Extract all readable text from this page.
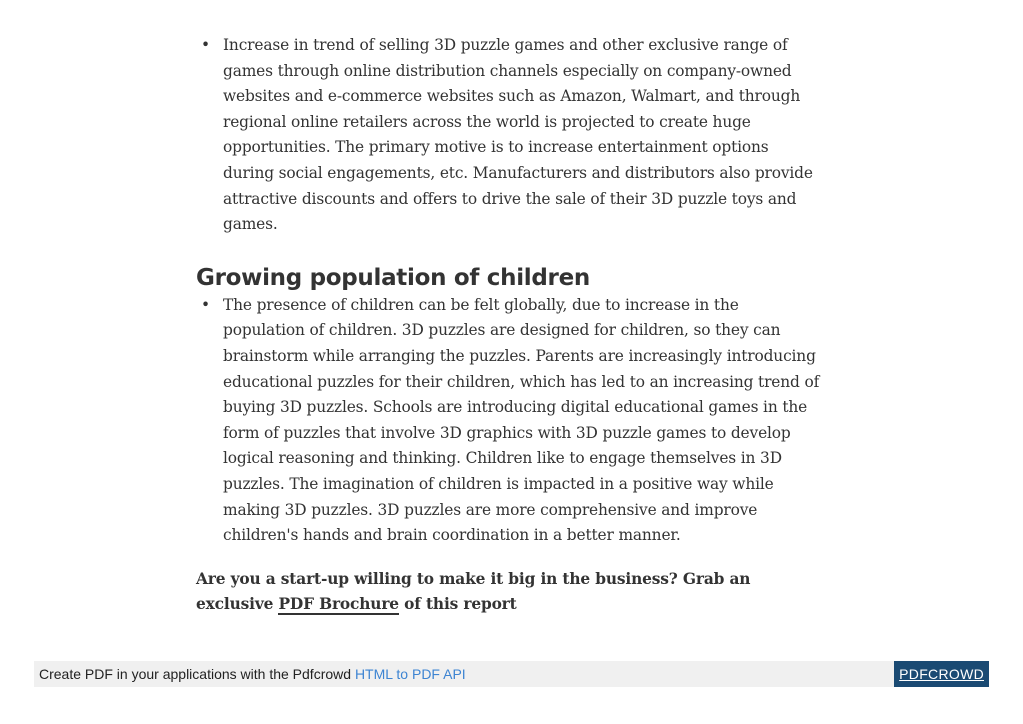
• Increase in trend of selling 3D puzzle games and other exclusive range of games through online distribution channels especially on company-owned websites and e-commerce websites such as Amazon, Walmart, and through regional online retailers across the world is projected to create huge opportunities. The primary motive is to increase entertainment options during social engagements, etc. Manufacturers and distributors also provide attractive discounts and offers to drive the sale of their 3D puzzle toys and games.
Growing population of children
• The presence of children can be felt globally, due to increase in the population of children. 3D puzzles are designed for children, so they can brainstorm while arranging the puzzles. Parents are increasingly introducing educational puzzles for their children, which has led to an increasing trend of buying 3D puzzles. Schools are introducing digital educational games in the form of puzzles that involve 3D graphics with 3D puzzle games to develop logical reasoning and thinking. Children like to engage themselves in 3D puzzles. The imagination of children is impacted in a positive way while making 3D puzzles. 3D puzzles are more comprehensive and improve children's hands and brain coordination in a better manner.

Are you a start-up willing to make it big in the business? Grab an exclusive PDF Brochure of this report

Create PDF in your applications with the Pdfcrowd HTML to PDF API	PDFCROWD
